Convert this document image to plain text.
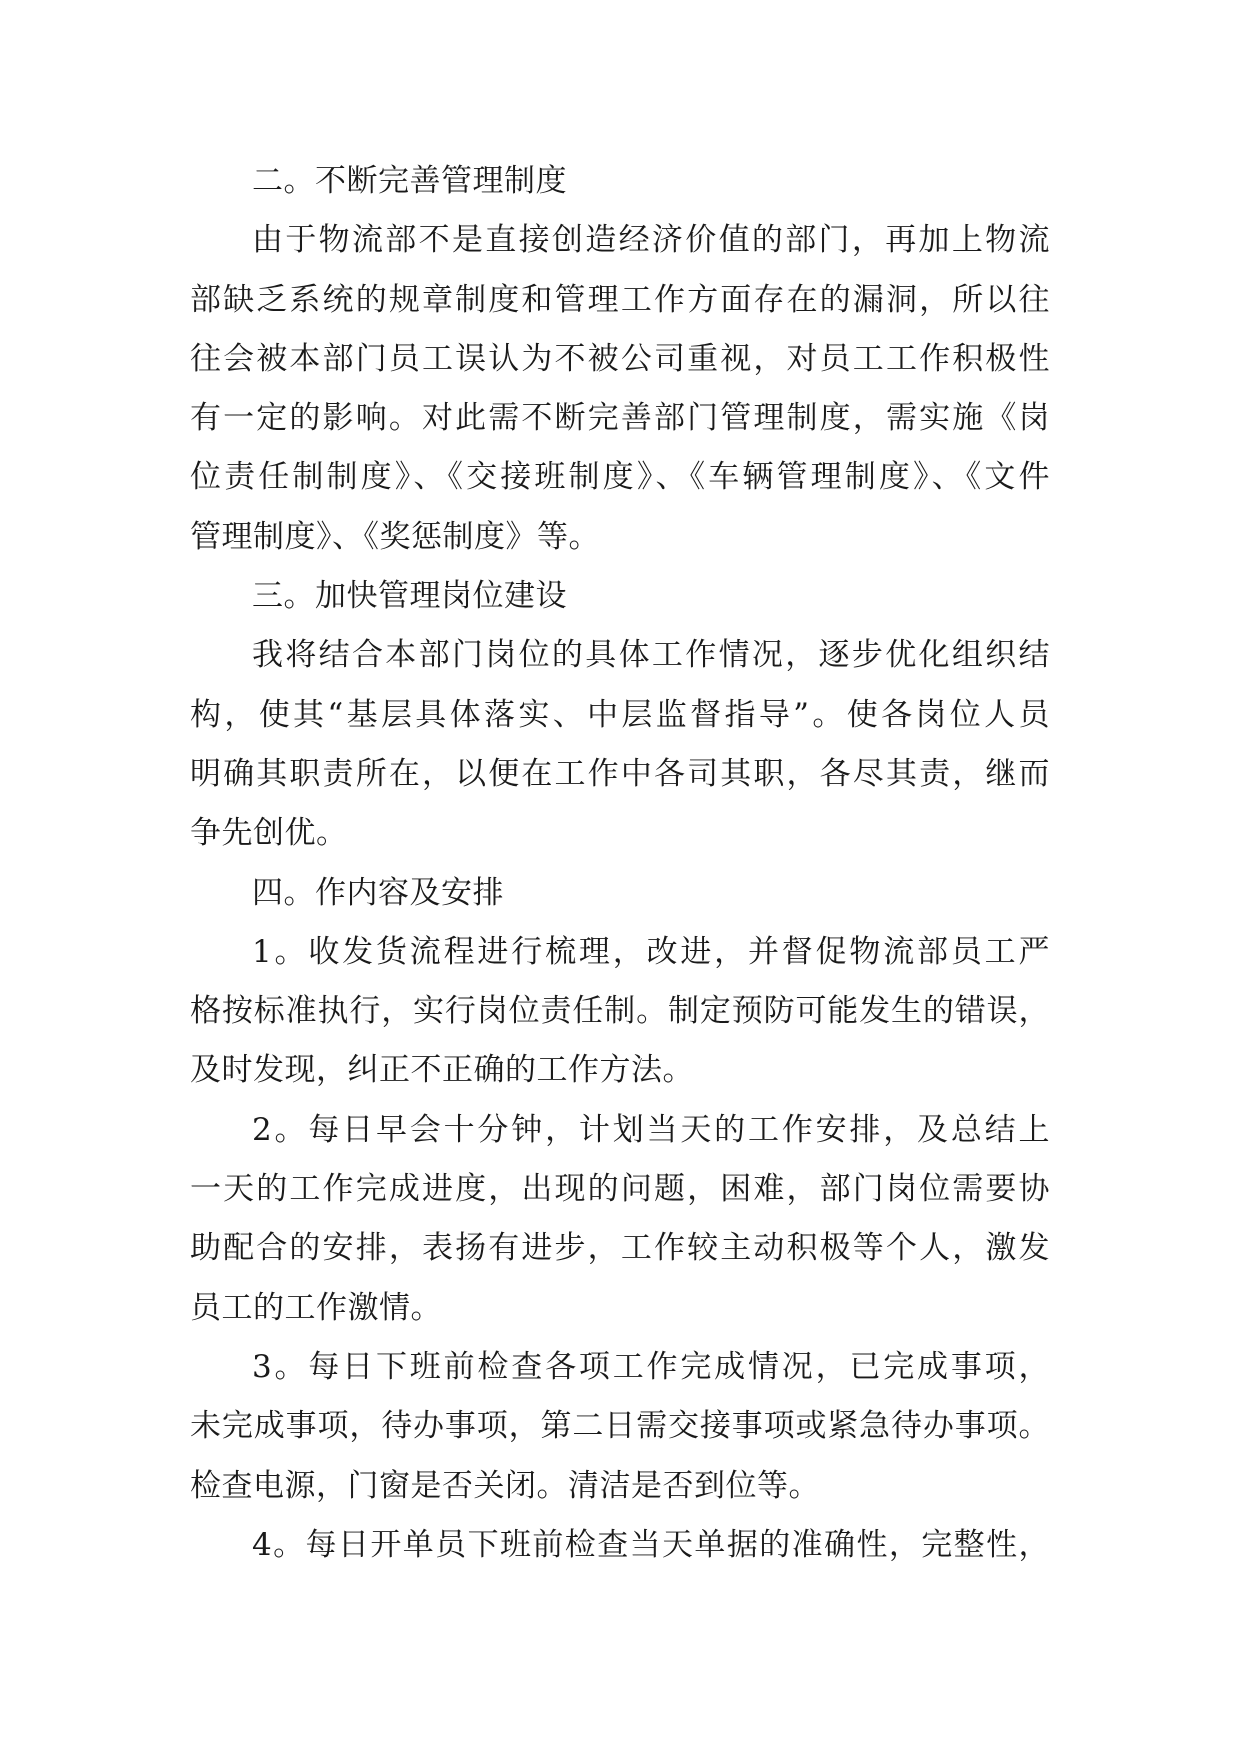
二。不断完善管理制度
由于物流部不是直接创造经济价值的部门，再加上物流
部缺乏系统的规章制度和管理工作方面存在的漏洞，所以往
往会被本部门员工误认为不被公司重视，对员工工作积极性
有一定的影响。对此需不断完善部门管理制度，需实施《岗
位责任制制度》、《交接班制度》、《车辆管理制度》、《文件
管理制度》、《奖惩制度》等。
三。加快管理岗位建设
我将结合本部门岗位的具体工作情况，逐步优化组织结
构，使其“基层具体落实、中层监督指导”。使各岗位人员
明确其职责所在，以便在工作中各司其职，各尽其责，继而
争先创优。
四。作内容及安排
1。收发货流程进行梳理，改进，并督促物流部员工严
格按标准执行，实行岗位责任制。制定预防可能发生的错误，
及时发现，纠正不正确的工作方法。
2。每日早会十分钟，计划当天的工作安排，及总结上
一天的工作完成进度，出现的问题，困难，部门岗位需要协
助配合的安排，表扬有进步，工作较主动积极等个人，激发
员工的工作激情。
3。每日下班前检查各项工作完成情况，已完成事项，
未完成事项，待办事项，第二日需交接事项或紧急待办事项。
检查电源，门窗是否关闭。清洁是否到位等。
4。每日开单员下班前检查当天单据的准确性，完整性，
